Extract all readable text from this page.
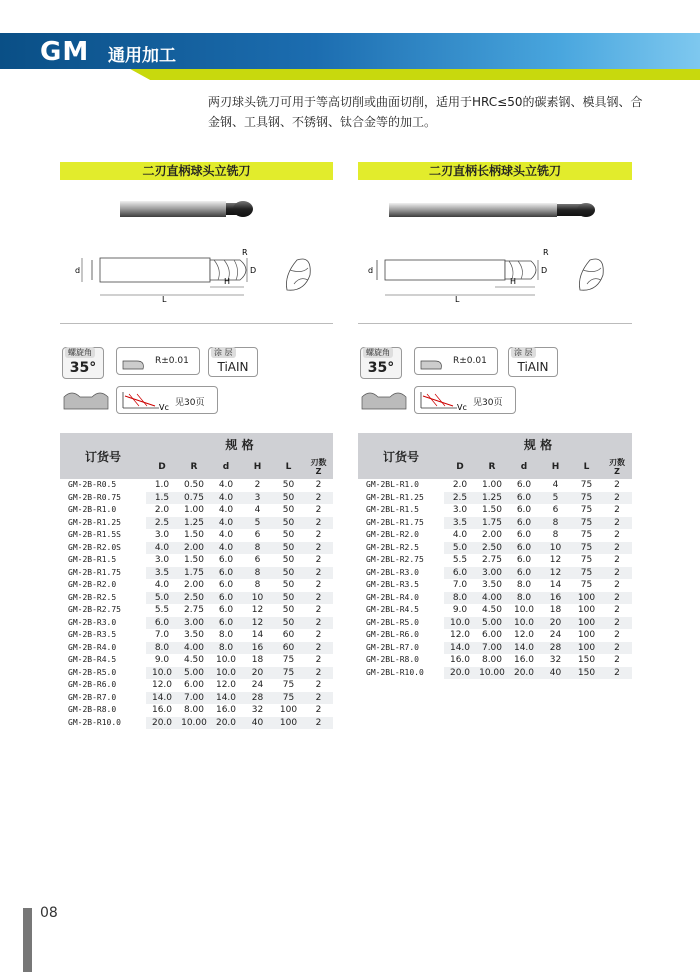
GM 通用加工
两刃球头铣刀可用于等高切削或曲面切削，适用于HRC≤50的碳素钢、模具钢、合金钢、工具钢、不锈钢、钛合金等的加工。
二刃直柄球头立铣刀
H
L
D
d
R
螺旋角
35°	R±0.01
涂 层
TiAIN
Vc 见30页
订货号	规 格					
	D	R	d	H	L	刃数
Z
GM-2B-R0.5	1.0	0.50	4.0	2	50	2
GM-2B-R0.75	1.5	0.75	4.0	3	50	2
GM-2B-R1.0	2.0	1.00	4.0	4	50	2
GM-2B-R1.25	2.5	1.25	4.0	5	50	2
GM-2B-R1.5S	3.0	1.50	4.0	6	50	2
GM-2B-R2.0S	4.0	2.00	4.0	8	50	2
GM-2B-R1.5	3.0	1.50	6.0	6	50	2
GM-2B-R1.75	3.5	1.75	6.0	8	50	2
GM-2B-R2.0	4.0	2.00	6.0	8	50	2
GM-2B-R2.5	5.0	2.50	6.0	10	50	2
GM-2B-R2.75	5.5	2.75	6.0	12	50	2
GM-2B-R3.0	6.0	3.00	6.0	12	50	2
GM-2B-R3.5	7.0	3.50	8.0	14	60	2
GM-2B-R4.0	8.0	4.00	8.0	16	60	2
GM-2B-R4.5	9.0	4.50	10.0	18	75	2
GM-2B-R5.0	10.0	5.00	10.0	20	75	2
GM-2B-R6.0	12.0	6.00	12.0	24	75	2
GM-2B-R7.0	14.0	7.00	14.0	28	75	2
GM-2B-R8.0	16.0	8.00	16.0	32	100	2
GM-2B-R10.0	20.0	10.00	20.0	40	100	2
二刃直柄长柄球头立铣刀
H
L
D
d
R
螺旋角
35°	R±0.01
涂 层
TiAIN
Vc 见30页
订货号	规 格					
	D	R	d	H	L	刃数
Z
GM-2BL-R1.0	2.0	1.00	6.0	4	75	2
GM-2BL-R1.25	2.5	1.25	6.0	5	75	2
GM-2BL-R1.5	3.0	1.50	6.0	6	75	2
GM-2BL-R1.75	3.5	1.75	6.0	8	75	2
GM-2BL-R2.0	4.0	2.00	6.0	8	75	2
GM-2BL-R2.5	5.0	2.50	6.0	10	75	2
GM-2BL-R2.75	5.5	2.75	6.0	12	75	2
GM-2BL-R3.0	6.0	3.00	6.0	12	75	2
GM-2BL-R3.5	7.0	3.50	8.0	14	75	2
GM-2BL-R4.0	8.0	4.00	8.0	16	100	2
GM-2BL-R4.5	9.0	4.50	10.0	18	100	2
GM-2BL-R5.0	10.0	5.00	10.0	20	100	2
GM-2BL-R6.0	12.0	6.00	12.0	24	100	2
GM-2BL-R7.0	14.0	7.00	14.0	28	100	2
GM-2BL-R8.0	16.0	8.00	16.0	32	150	2
GM-2BL-R10.0	20.0	10.00	20.0	40	150	2
08
